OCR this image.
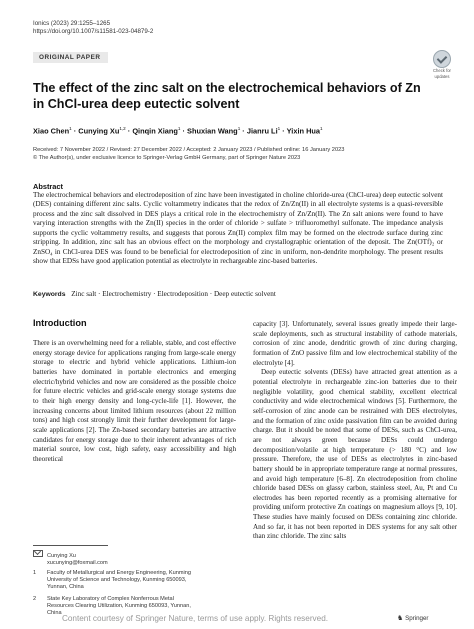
Ionics (2023) 29:1255–1265
https://doi.org/10.1007/s11581-023-04879-2
ORIGINAL PAPER
Check for
updates
The effect of the zinc salt on the electrochemical behaviors of Zn in ChCl-urea deep eutectic solvent
Xiao Chen$^1$ · Cunying Xu$^{1,2}$ · Qinqin Xiang$^1$ · Shuxian Wang$^1$ · Jianru $Li^1$ · Yixin Hua$^1$
Received: 7 November 2022 / Revised: 27 December 2022 / Accepted: 2 January 2023 / Published online: 16 January 2023
© The Author(s), under exclusive licence to Springer-Verlag GmbH Germany, part of Springer Nature 2023
Abstract
The electrochemical behaviors and electrodeposition of zinc have been investigated in choline chloride-urea (ChCl-urea) deep eutectic solvent (DES) containing different zinc salts. Cyclic voltammetry indicates that the redox of Zn/Zn(II) in all electrolyte systems is a quasi-reversible process and the zinc salt dissolved in DES plays a critical role in the electrochemistry of Zn/Zn(II). The Zn salt anions were found to have varying interaction strengths with the Zn(II) species in the order of chloride > sulfate > trifluoromethyl sulfonate. The impedance analysis supports the cyclic voltammetry results, and suggests that porous Zn(II) complex film may be formed on the electrode surface during zinc stripping. In addition, zinc salt has an obvious effect on the morphology and crystallographic orientation of the deposit. The Zn(OTf)₂ or ZnSO₄ in ChCl-urea DES was found to be beneficial for electrodeposition of zinc in uniform, non-dendrite morphology. The present results show that EDSs have good application potential as electrolyte in rechargeable zinc-based batteries.
Keywords Zinc salt · Electrochemistry · Electrodeposition · Deep eutectic solvent
Introduction

There is an overwhelming need for a reliable, stable, and cost effective energy storage device for applications ranging from large-scale energy storage to electric and hybrid vehicle applications. Lithium-ion batteries have dominated in portable electronics and emerging electric/hybrid vehicles and now are considered as the possible choice for future electric vehicles and grid-scale energy storage systems due to their high energy density and long-cycle-life [1]. However, the increasing concerns about limited lithium resources (about 22 million tons) and high cost strongly limit their further development for large-scale applications [2]. The Zn-based secondary batteries are attractive candidates for energy storage due to their inherent advantages of rich material source, low cost, high safety, easy accessibility and high theoretical

capacity [3]. Unfortunately, several issues greatly impede their large-scale deployments, such as structural instability of cathode materials, corrosion of zinc anode, dendritic growth of zinc during charging, formation of ZnO passive film and low electrochemical stability of the electrolyte [4].

Deep eutectic solvents (DESs) have attracted great attention as a potential electrolyte in rechargeable zinc-ion batteries due to their negligible volatility, good chemical stability, excellent electrical conductivity and wide electrochemical windows [5]. Furthermore, the self-corrosion of zinc anode can be restrained with DES electrolytes, and the formation of zinc oxide passivation film can be avoided during charge. But it should be noted that some of DESs, such as ChCl-urea, are not always green because DESs could undergo decomposition/volatile at high temperature (> 180 °C) and low pressure. Therefore, the use of DESs as electrolytes in zinc-based battery should be in appropriate temperature range at normal pressures, and avoid high temperature [6–8]. Zn electrodeposition from choline chloride based DESs on glassy carbon, stainless steel, Au, Pt and Cu electrodes has been reported recently as a promising alternative for providing uniform protective Zn coatings on magnesium alloys [9, 10]. These studies have mainly focused on DESs containing zinc chloride. And so far, it has not been reported in DES systems for any salt other than zinc chloride. The zinc salts

Cunying Xu
xucunying@foxmail.com
1 Faculty of Metallurgical and Energy Engineering, Kunming
University of Science and Technology, Kunming 650093,
Yunnan, China
2 State Key Laboratory of Complex Nonferrous Metal
Resources Clearing Utilization, Kunming 650093, Yunnan,
China
♞ Springer
Content courtesy of Springer Nature, terms of use apply. Rights reserved.
